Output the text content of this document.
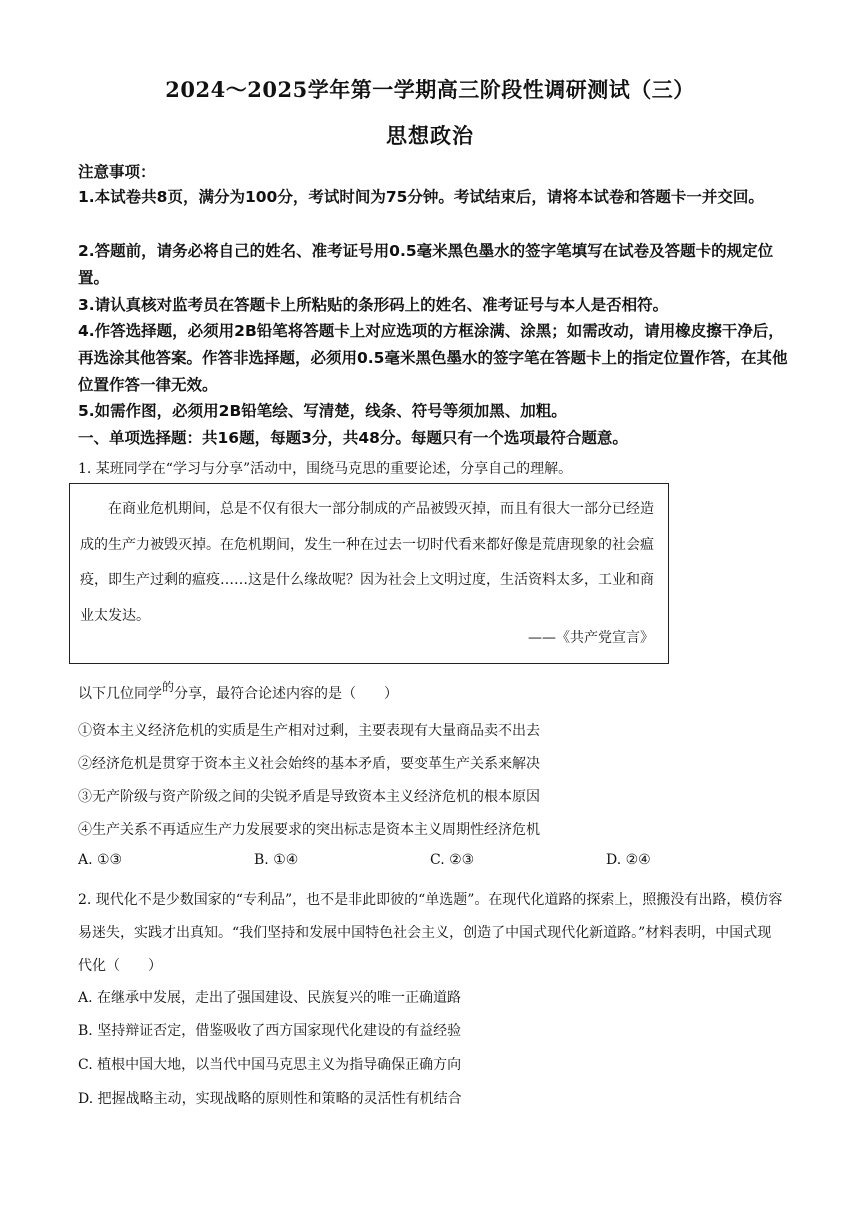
2024～2025学年第一学期高三阶段性调研测试（三）
思想政治
注意事项：
1.本试卷共8页，满分为100分，考试时间为75分钟。考试结束后，请将本试卷和答题卡一并交回。
2.答题前，请务必将自己的姓名、准考证号用0.5毫米黑色墨水的签字笔填写在试卷及答题卡的规定位置。
3.请认真核对监考员在答题卡上所粘贴的条形码上的姓名、准考证号与本人是否相符。
4.作答选择题，必须用2B铅笔将答题卡上对应选项的方框涂满、涂黑；如需改动，请用橡皮擦干净后，再选涂其他答案。作答非选择题，必须用0.5毫米黑色墨水的签字笔在答题卡上的指定位置作答，在其他位置作答一律无效。
5.如需作图，必须用2B铅笔绘、写清楚，线条、符号等须加黑、加粗。
一、单项选择题：共16题，每题3分，共48分。每题只有一个选项最符合题意。
1. 某班同学在“学习与分享”活动中，围绕马克思的重要论述，分享自己的理解。
在商业危机期间，总是不仅有很大一部分制成的产品被毁灭掉，而且有很大一部分已经造成的生产力被毁灭掉。在危机期间，发生一种在过去一切时代看来都好像是荒唐现象的社会瘟疫，即生产过剩的瘟疫……这是什么缘故呢？因为社会上文明过度，生活资料太多，工业和商业太发达。
——《共产党宣言》
以下几位同学的分享，最符合论述内容的是（　　）
①资本主义经济危机的实质是生产相对过剩，主要表现有大量商品卖不出去
②经济危机是贯穿于资本主义社会始终的基本矛盾，要变革生产关系来解决
③无产阶级与资产阶级之间的尖锐矛盾是导致资本主义经济危机的根本原因
④生产关系不再适应生产力发展要求的突出标志是资本主义周期性经济危机
A. ①③	B. ①④	C. ②③	D. ②④
2. 现代化不是少数国家的“专利品”，也不是非此即彼的“单选题”。在现代化道路的探索上，照搬没有出路，模仿容易迷失，实践才出真知。“我们坚持和发展中国特色社会主义，创造了中国式现代化新道路。”材料表明，中国式现代化（　　）
A. 在继承中发展，走出了强国建设、民族复兴的唯一正确道路
B. 坚持辩证否定，借鉴吸收了西方国家现代化建设的有益经验
C. 植根中国大地，以当代中国马克思主义为指导确保正确方向
D. 把握战略主动，实现战略的原则性和策略的灵活性有机结合
